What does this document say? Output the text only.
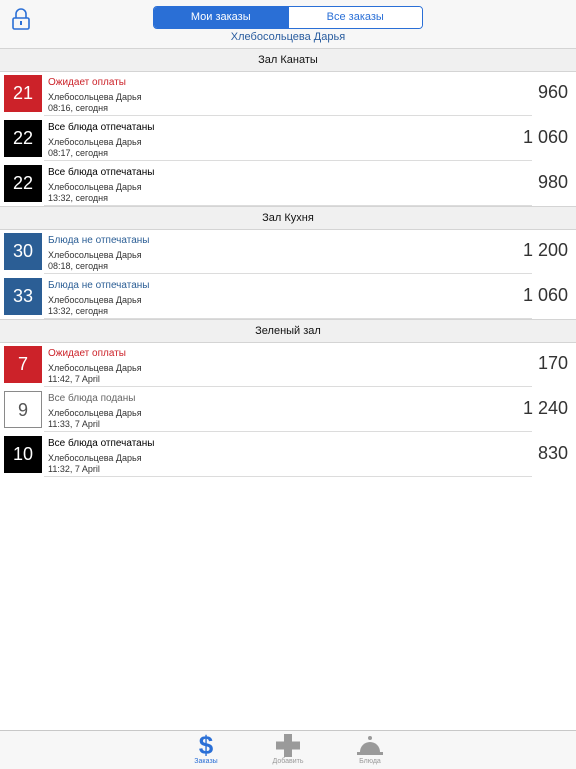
Мои заказы	Все заказы
Хлебосольцева Дарья
Зал Канаты
21
Ожидает оплаты
Хлебосольцева Дарья
08:16, сегодня
960
22
Все блюда отпечатаны
Хлебосольцева Дарья
08:17, сегодня
1 060
22
Все блюда отпечатаны
Хлебосольцева Дарья
13:32, сегодня
980
Зал Кухня
30
Блюда не отпечатаны
Хлебосольцева Дарья
08:18, сегодня
1 200
33
Блюда не отпечатаны
Хлебосольцева Дарья
13:32, сегодня
1 060
Зеленый зал
7
Ожидает оплаты
Хлебосольцева Дарья
11:42, 7 April
170
9
Все блюда поданы
Хлебосольцева Дарья
11:33, 7 April
1 240
10
Все блюда отпечатаны
Хлебосольцева Дарья
11:32, 7 April
830
$
Заказы	Добавить	Блюда
